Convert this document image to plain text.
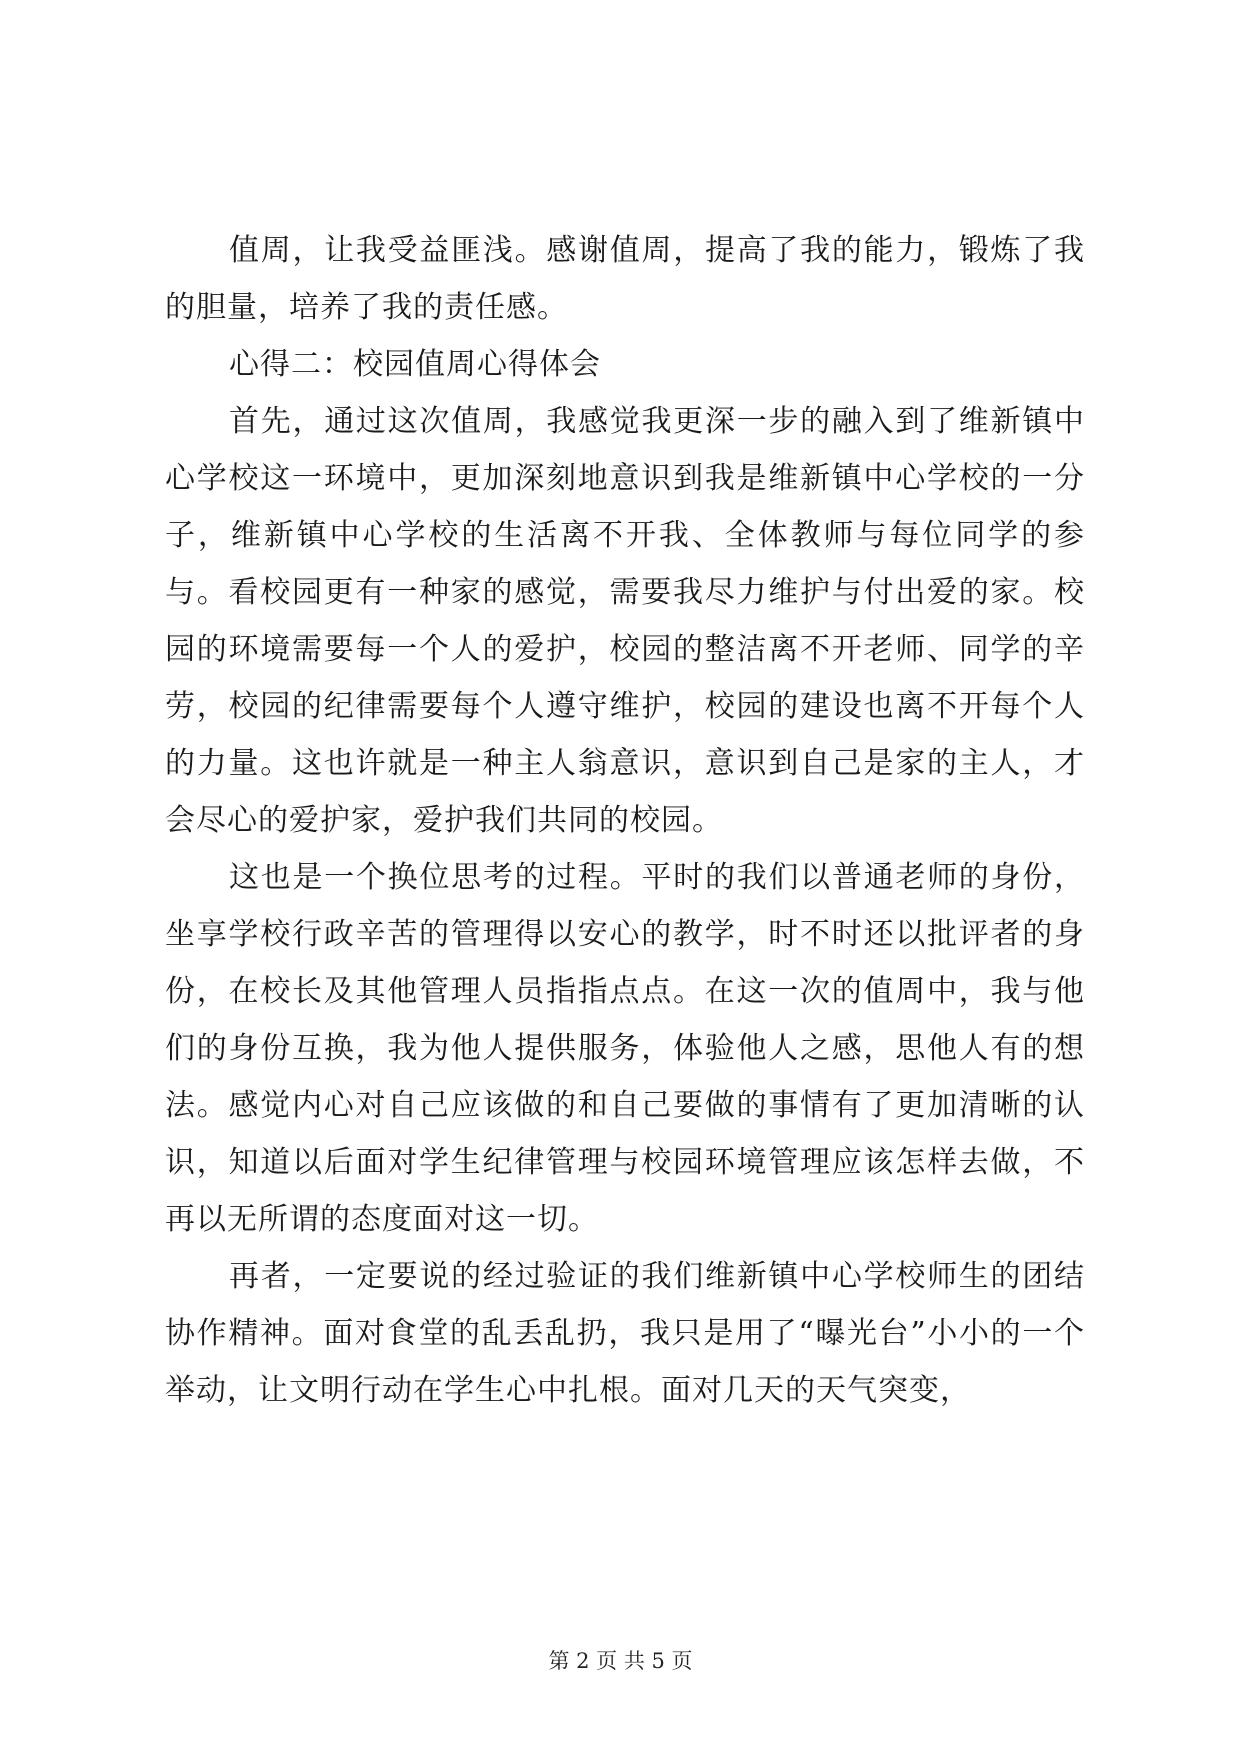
值周，让我受益匪浅。感谢值周，提高了我的能力，锻炼了我的胆量，培养了我的责任感。

心得二：校园值周心得体会

首先，通过这次值周，我感觉我更深一步的融入到了维新镇中心学校这一环境中，更加深刻地意识到我是维新镇中心学校的一分子，维新镇中心学校的生活离不开我、全体教师与每位同学的参与。看校园更有一种家的感觉，需要我尽力维护与付出爱的家。校园的环境需要每一个人的爱护，校园的整洁离不开老师、同学的辛劳，校园的纪律需要每个人遵守维护，校园的建设也离不开每个人的力量。这也许就是一种主人翁意识，意识到自己是家的主人，才会尽心的爱护家，爱护我们共同的校园。

这也是一个换位思考的过程。平时的我们以普通老师的身份，坐享学校行政辛苦的管理得以安心的教学，时不时还以批评者的身份，在校长及其他管理人员指指点点。在这一次的值周中，我与他们的身份互换，我为他人提供服务，体验他人之感，思他人有的想法。感觉内心对自己应该做的和自己要做的事情有了更加清晰的认识，知道以后面对学生纪律管理与校园环境管理应该怎样去做，不再以无所谓的态度面对这一切。

再者，一定要说的经过验证的我们维新镇中心学校师生的团结协作精神。面对食堂的乱丢乱扔，我只是用了“曝光台”小小的一个举动，让文明行动在学生心中扎根。面对几天的天气突变，

第 2 页 共 5 页
